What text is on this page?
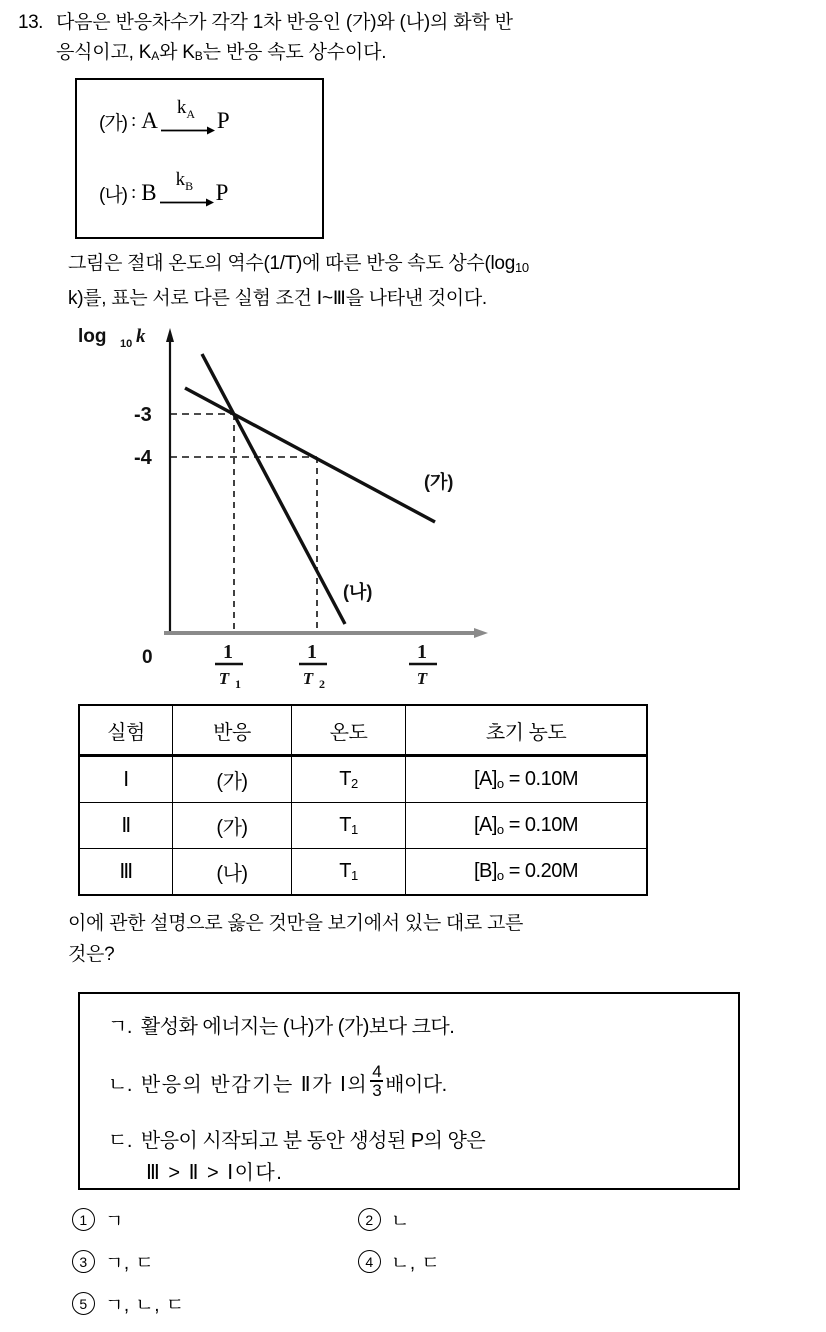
13. 다음은 반응차수가 각각 1차 반응인 (가)와 (나)의 화학 반
응식이고, $K_A$와 $K_B$는 반응 속도 상수이다.
(가) : A
$k_A$ P
(나) : B
$k_B$ P
그림은 절대 온도의 역수(1/T)에 따른 반응 속도 상수($\log_{10}$
k)를, 표는 서로 다른 실험 조건 Ⅰ~Ⅲ을 나타낸 것이다.
log 10 k
-3
-4
0	1
T 1
1
T 2
1
T
(가)
(나)
실험	반응	온도	초기 농도
Ⅰ	(가)	$T_2$	$[A]_o = 0.10M$
Ⅱ	(가)	$T_1$	$[A]_o = 0.10M$
Ⅲ	(나)	$T_1$	$[B]_o = 0.20M$
이에 관한 설명으로 옳은 것만을 보기에서 있는 대로 고른
것은?
ㄱ. 활성화 에너지는 (나)가 (가)보다 크다.
ㄴ. 반응의 반감기는 Ⅱ가 Ⅰ의 $\frac{4}{3}$ 배이다.
ㄷ. 반응이 시작되고 분 동안 생성된 P의 양은
Ⅲ > Ⅱ > Ⅰ이다.
1 ㄱ	2 ㄴ
3 ㄱ, ㄷ	4 ㄴ, ㄷ
5 ㄱ, ㄴ, ㄷ
